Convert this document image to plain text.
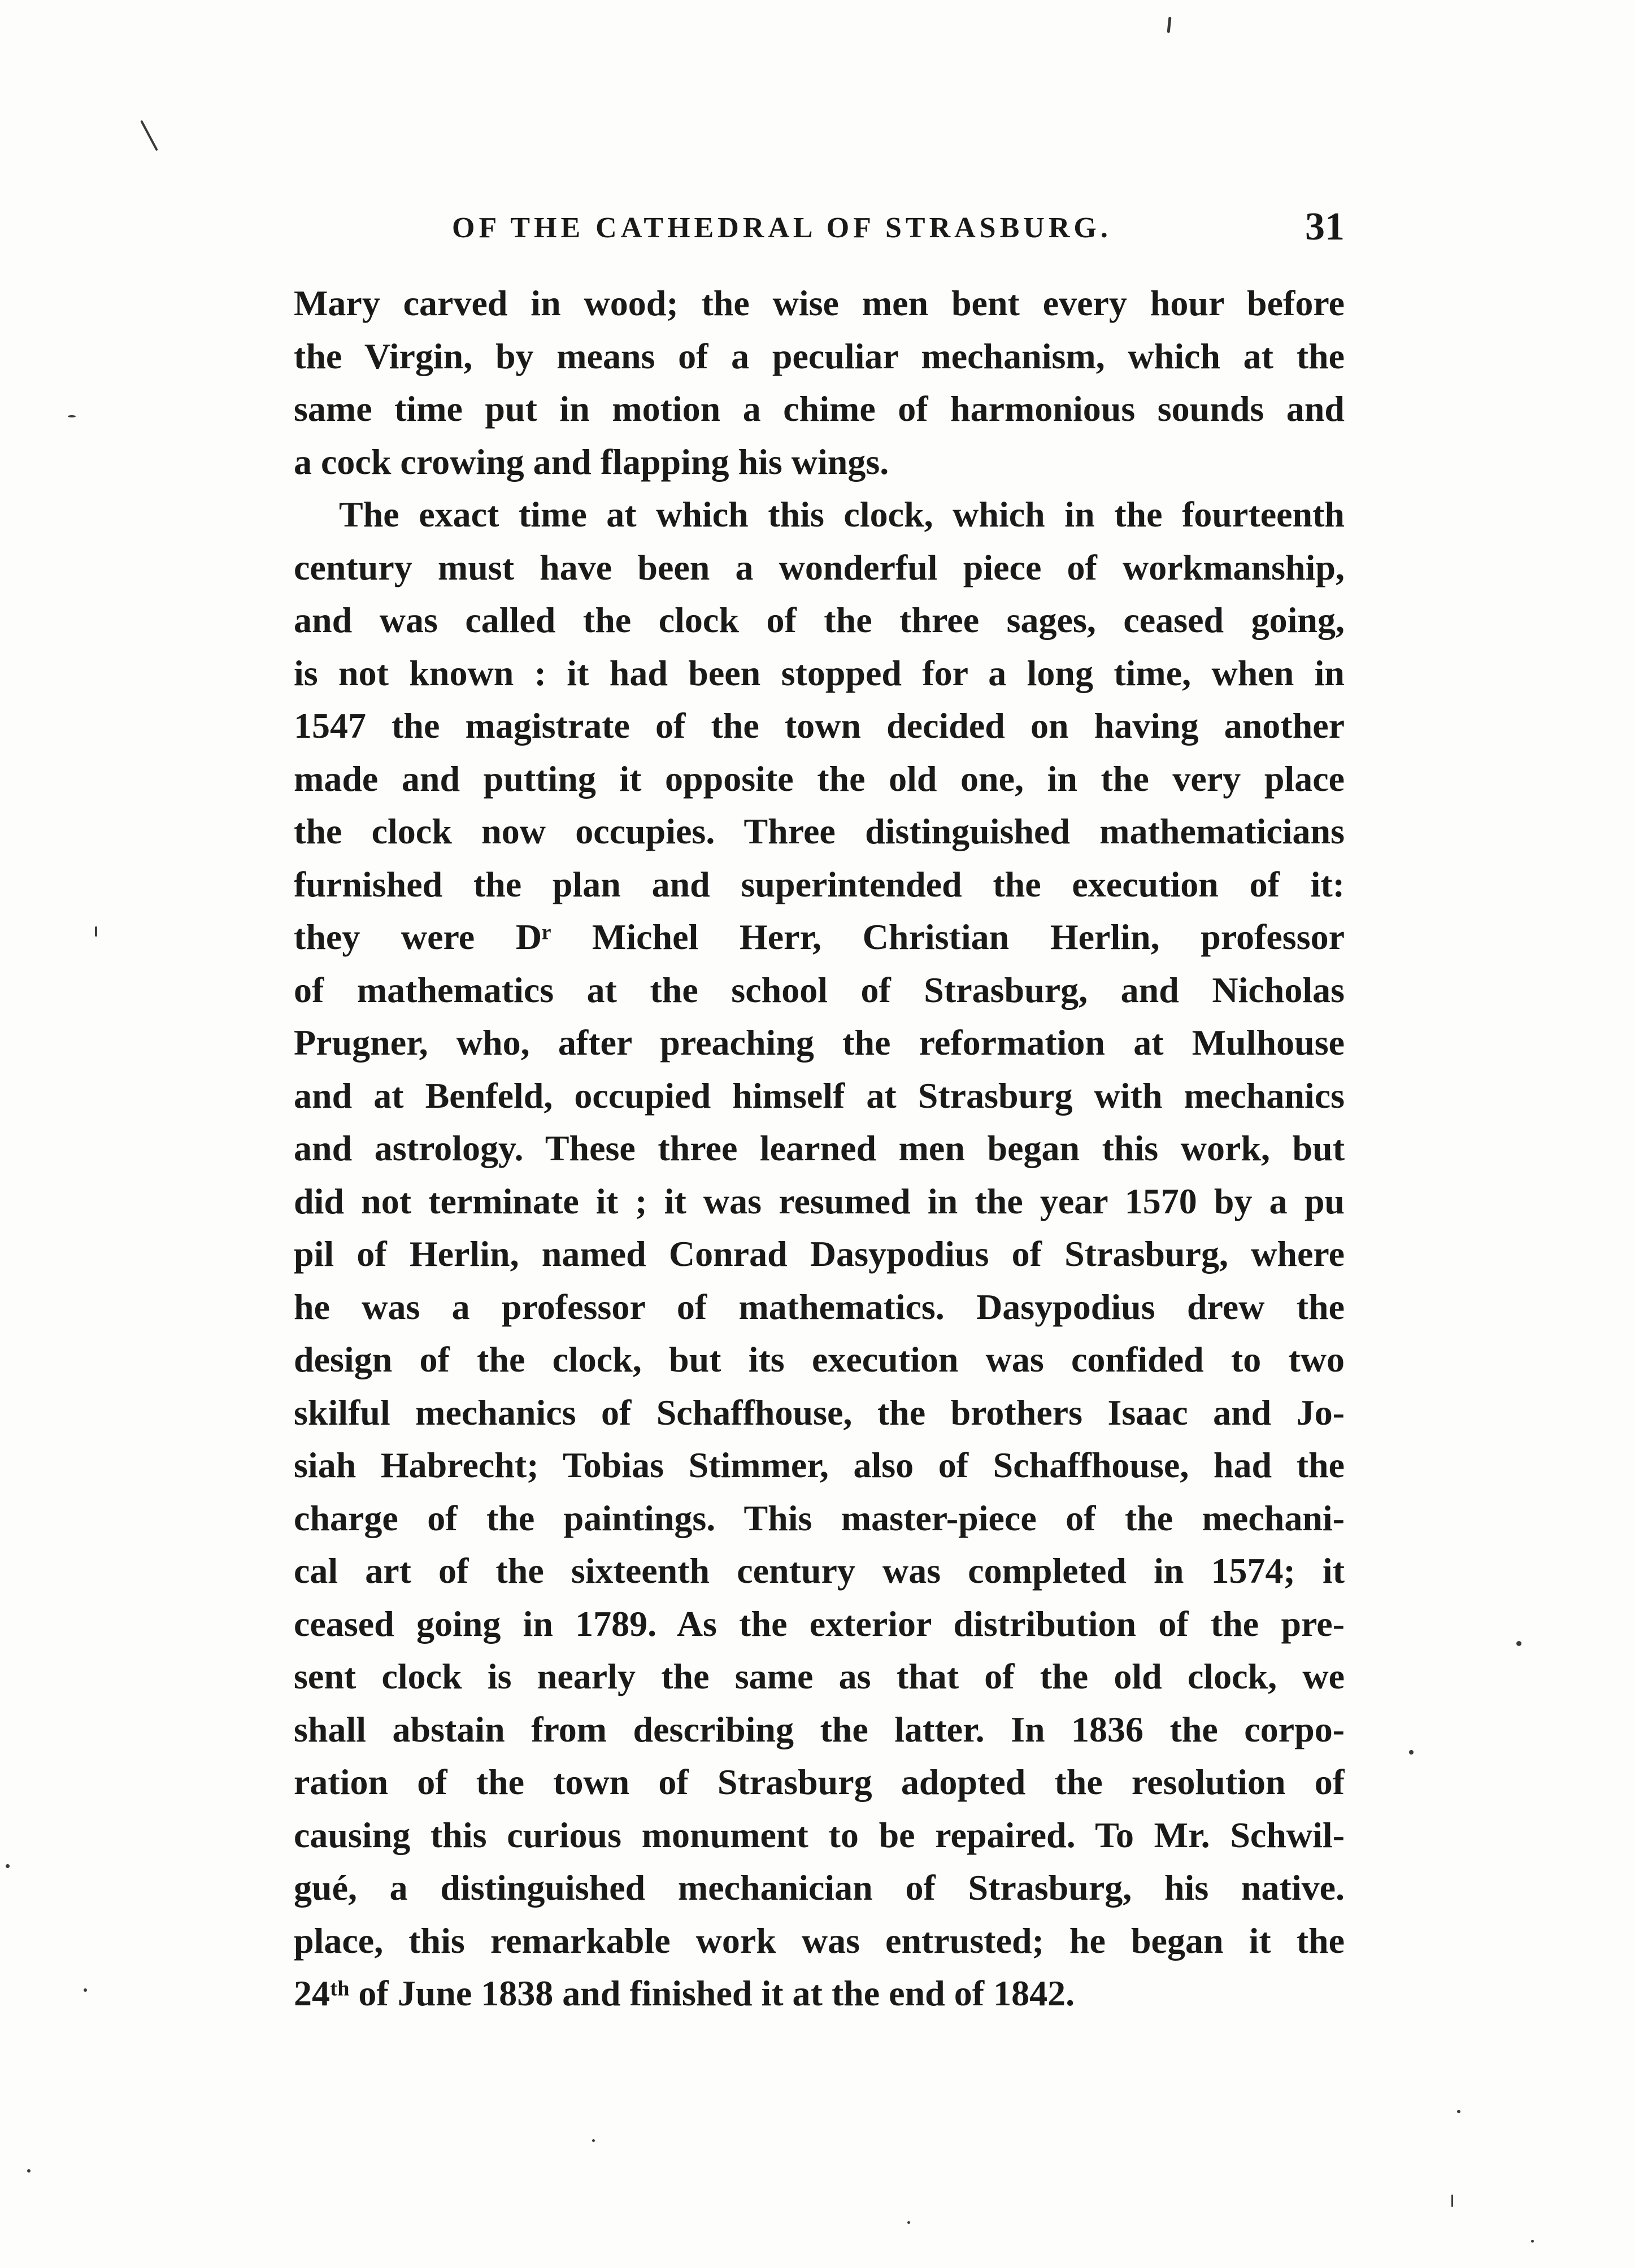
OF THE CATHEDRAL OF STRASBURG.	31
Mary carved in wood; the wise men bent every hour before
the Virgin, by means of a peculiar mechanism, which at the
same time put in motion a chime of harmonious sounds and
a cock crowing and flapping his wings.
The exact time at which this clock, which in the fourteenth
century must have been a wonderful piece of workmanship,
and was called the clock of the three sages, ceased going,
is not known : it had been stopped for a long time, when in
1547 the magistrate of the town decided on having another
made and putting it opposite the old one, in the very place
the clock now occupies. Three distinguished mathematicians
furnished the plan and superintended the execution of it:
they were Dʳ Michel Herr, Christian Herlin, professor
of mathematics at the school of Strasburg, and Nicholas
Prugner, who, after preaching the reformation at Mulhouse
and at Benfeld, occupied himself at Strasburg with mechanics
and astrology. These three learned men began this work, but
did not terminate it ; it was resumed in the year 1570 by a pu
pil of Herlin, named Conrad Dasypodius of Strasburg, where
he was a professor of mathematics. Dasypodius drew the
design of the clock, but its execution was confided to two
skilful mechanics of Schaffhouse, the brothers Isaac and Jo-
siah Habrecht; Tobias Stimmer, also of Schaffhouse, had the
charge of the paintings. This master-piece of the mechani-
cal art of the sixteenth century was completed in 1574; it
ceased going in 1789. As the exterior distribution of the pre-
sent clock is nearly the same as that of the old clock, we
shall abstain from describing the latter. In 1836 the corpo-
ration of the town of Strasburg adopted the resolution of
causing this curious monument to be repaired. To Mr. Schwil-
gué, a distinguished mechanician of Strasburg, his native.
place, this remarkable work was entrusted; he began it the
24ᵗʰ of June 1838 and finished it at the end of 1842.
